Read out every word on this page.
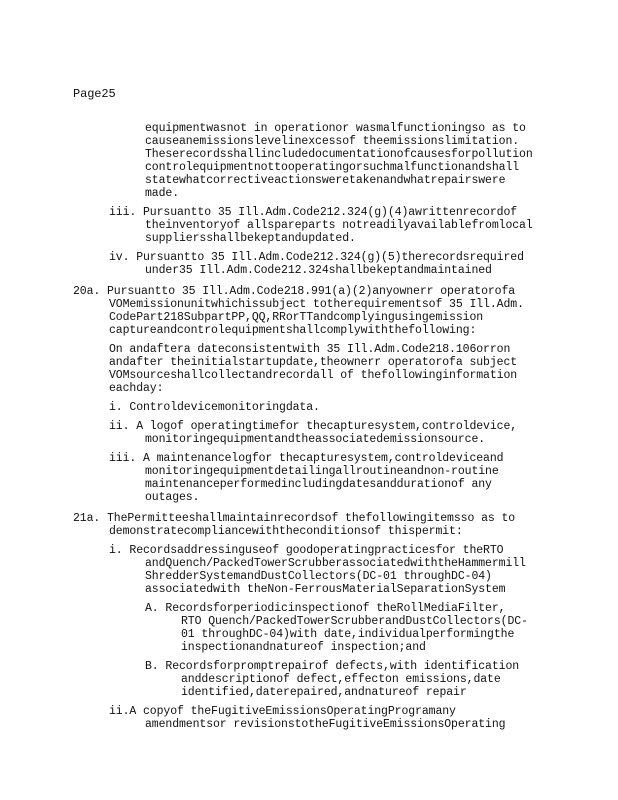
Page25
equipmentwasnot in operationor wasmalfunctioningso as to
causeanemissionslevelinexcessof theemissionslimitation.
Theserecordsshallincludedocumentationofcausesforpollution
controlequipmentnottooperatingorsuchmalfunctionandshall
statewhatcorrectiveactionsweretakenandwhatrepairswere
made.
iii. Pursuantto 35 Ill.Adm.Code212.324(g)(4)awrittenrecordof
theinventoryof allspareparts notreadilyavailablefromlocal
suppliersshallbekeptandupdated.
iv. Pursuantto 35 Ill.Adm.Code212.324(g)(5)therecordsrequired
under35 Ill.Adm.Code212.324shallbekeptandmaintained
20a. Pursuantto 35 Ill.Adm.Code218.991(a)(2)anyownerr operatorofa
VOMemissionunitwhichissubject totherequirementsof 35 Ill.Adm.
CodePart218SubpartPP,QQ,RRorTTandcomplyingusingemission
captureandcontrolequipmentshallcomplywiththefollowing:
On andaftera dateconsistentwith 35 Ill.Adm.Code218.106orron
andafter theinitialstartupdate,theownerr operatorofa subject
VOMsourceshallcollectandrecordall of thefollowinginformation
eachday:
i. Controldevicemonitoringdata.
ii. A logof operatingtimefor thecapturesystem,controldevice,
monitoringequipmentandtheassociatedemissionsource.
iii. A maintenancelogfor thecapturesystem,controldeviceand
monitoringequipmentdetailingallroutineandnon-routine
maintenanceperformedincludingdatesanddurationof any
outages.
21a. ThePermitteeshallmaintainrecordsof thefollowingitemsso as to
demonstratecompliancewiththeconditionsof thispermit:
i. Recordsaddressinguseof goodoperatingpracticesfor theRTO
andQuench/PackedTowerScrubberassociatedwiththeHammermill
ShredderSystemandDustCollectors(DC-01 throughDC-04)
associatedwith theNon-FerrousMaterialSeparationSystem
A. Recordsforperiodicinspectionof theRollMediaFilter,
RTO Quench/PackedTowerScrubberandDustCollectors(DC-
01 throughDC-04)with date,individualperformingthe
inspectionandnatureof inspection;and
B. Recordsforpromptrepairof defects,with identification
anddescriptionof defect,effecton emissions,date
identified,daterepaired,andnatureof repair
ii.A copyof theFugitiveEmissionsOperatingProgramany
amendmentsor revisionstotheFugitiveEmissionsOperating
